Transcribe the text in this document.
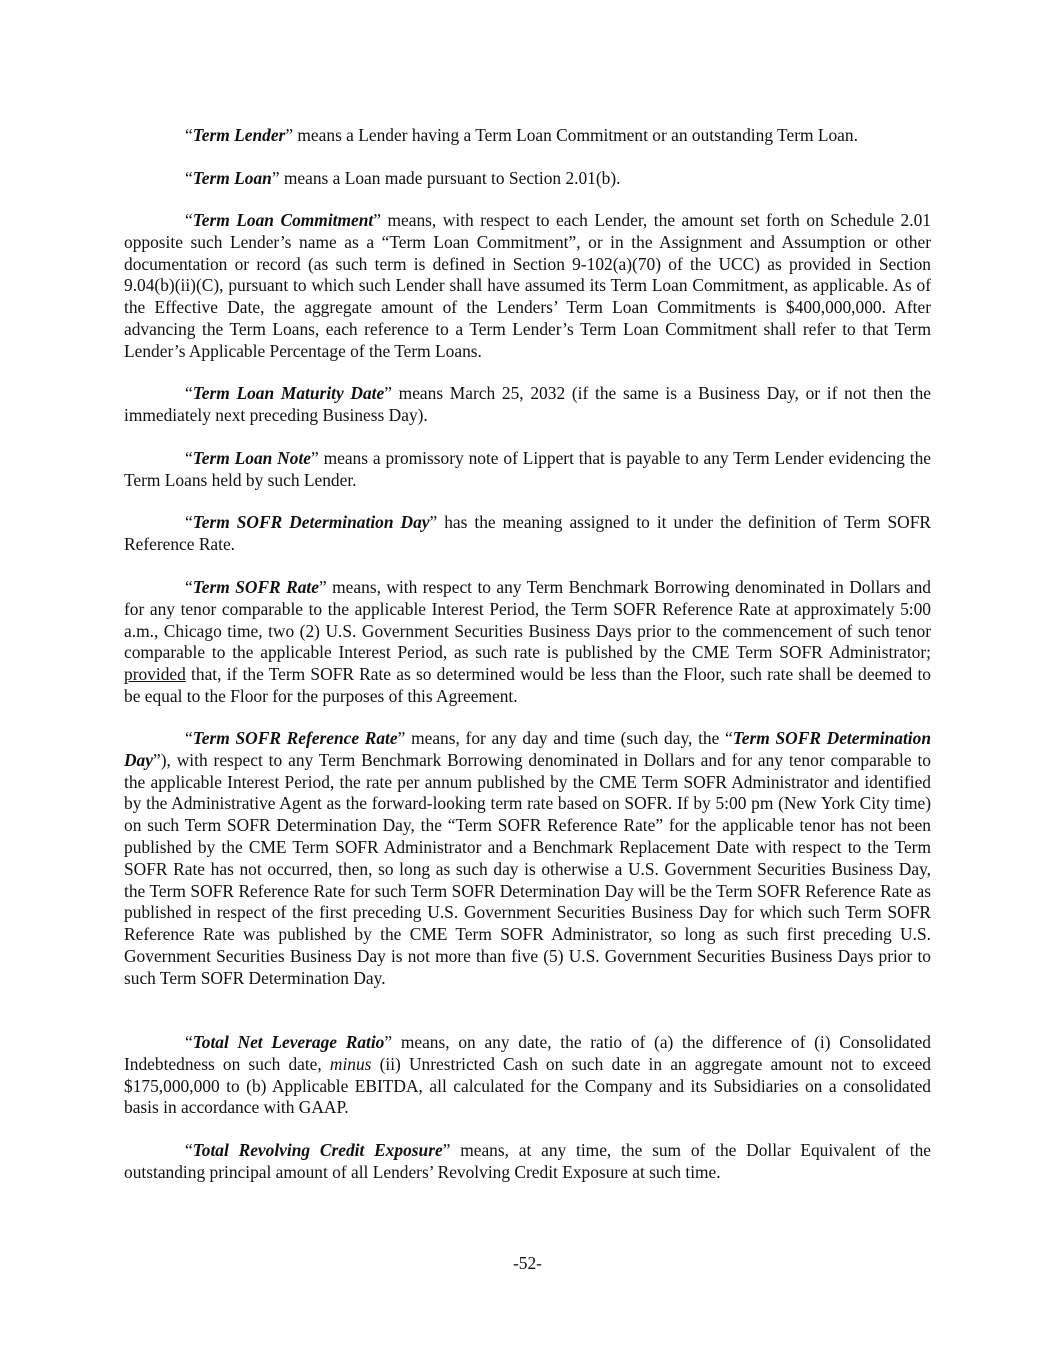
“Term Lender” means a Lender having a Term Loan Commitment or an outstanding Term Loan.

“Term Loan” means a Loan made pursuant to Section 2.01(b).

“Term Loan Commitment” means, with respect to each Lender, the amount set forth on Schedule 2.01 opposite such Lender’s name as a “Term Loan Commitment”, or in the Assignment and Assumption or other documentation or record (as such term is defined in Section 9-102(a)(70) of the UCC) as provided in Section 9.04(b)(ii)(C), pursuant to which such Lender shall have assumed its Term Loan Commitment, as applicable. As of the Effective Date, the aggregate amount of the Lenders’ Term Loan Commitments is $400,000,000. After advancing the Term Loans, each reference to a Term Lender’s Term Loan Commitment shall refer to that Term Lender’s Applicable Percentage of the Term Loans.

“Term Loan Maturity Date” means March 25, 2032 (if the same is a Business Day, or if not then the immediately next preceding Business Day).

“Term Loan Note” means a promissory note of Lippert that is payable to any Term Lender evidencing the Term Loans held by such Lender.

“Term SOFR Determination Day” has the meaning assigned to it under the definition of Term SOFR Reference Rate.

“Term SOFR Rate” means, with respect to any Term Benchmark Borrowing denominated in Dollars and for any tenor comparable to the applicable Interest Period, the Term SOFR Reference Rate at approximately 5:00 a.m., Chicago time, two (2) U.S. Government Securities Business Days prior to the commencement of such tenor comparable to the applicable Interest Period, as such rate is published by the CME Term SOFR Administrator; provided that, if the Term SOFR Rate as so determined would be less than the Floor, such rate shall be deemed to be equal to the Floor for the purposes of this Agreement.

“Term SOFR Reference Rate” means, for any day and time (such day, the “Term SOFR Determination Day”), with respect to any Term Benchmark Borrowing denominated in Dollars and for any tenor comparable to the applicable Interest Period, the rate per annum published by the CME Term SOFR Administrator and identified by the Administrative Agent as the forward-looking term rate based on SOFR. If by 5:00 pm (New York City time) on such Term SOFR Determination Day, the “Term SOFR Reference Rate” for the applicable tenor has not been published by the CME Term SOFR Administrator and a Benchmark Replacement Date with respect to the Term SOFR Rate has not occurred, then, so long as such day is otherwise a U.S. Government Securities Business Day, the Term SOFR Reference Rate for such Term SOFR Determination Day will be the Term SOFR Reference Rate as published in respect of the first preceding U.S. Government Securities Business Day for which such Term SOFR Reference Rate was published by the CME Term SOFR Administrator, so long as such first preceding U.S. Government Securities Business Day is not more than five (5) U.S. Government Securities Business Days prior to such Term SOFR Determination Day.

“Total Net Leverage Ratio” means, on any date, the ratio of (a) the difference of (i) Consolidated Indebtedness on such date, minus (ii) Unrestricted Cash on such date in an aggregate amount not to exceed $175,000,000 to (b) Applicable EBITDA, all calculated for the Company and its Subsidiaries on a consolidated basis in accordance with GAAP.

“Total Revolving Credit Exposure” means, at any time, the sum of the Dollar Equivalent of the outstanding principal amount of all Lenders’ Revolving Credit Exposure at such time.

-52-
